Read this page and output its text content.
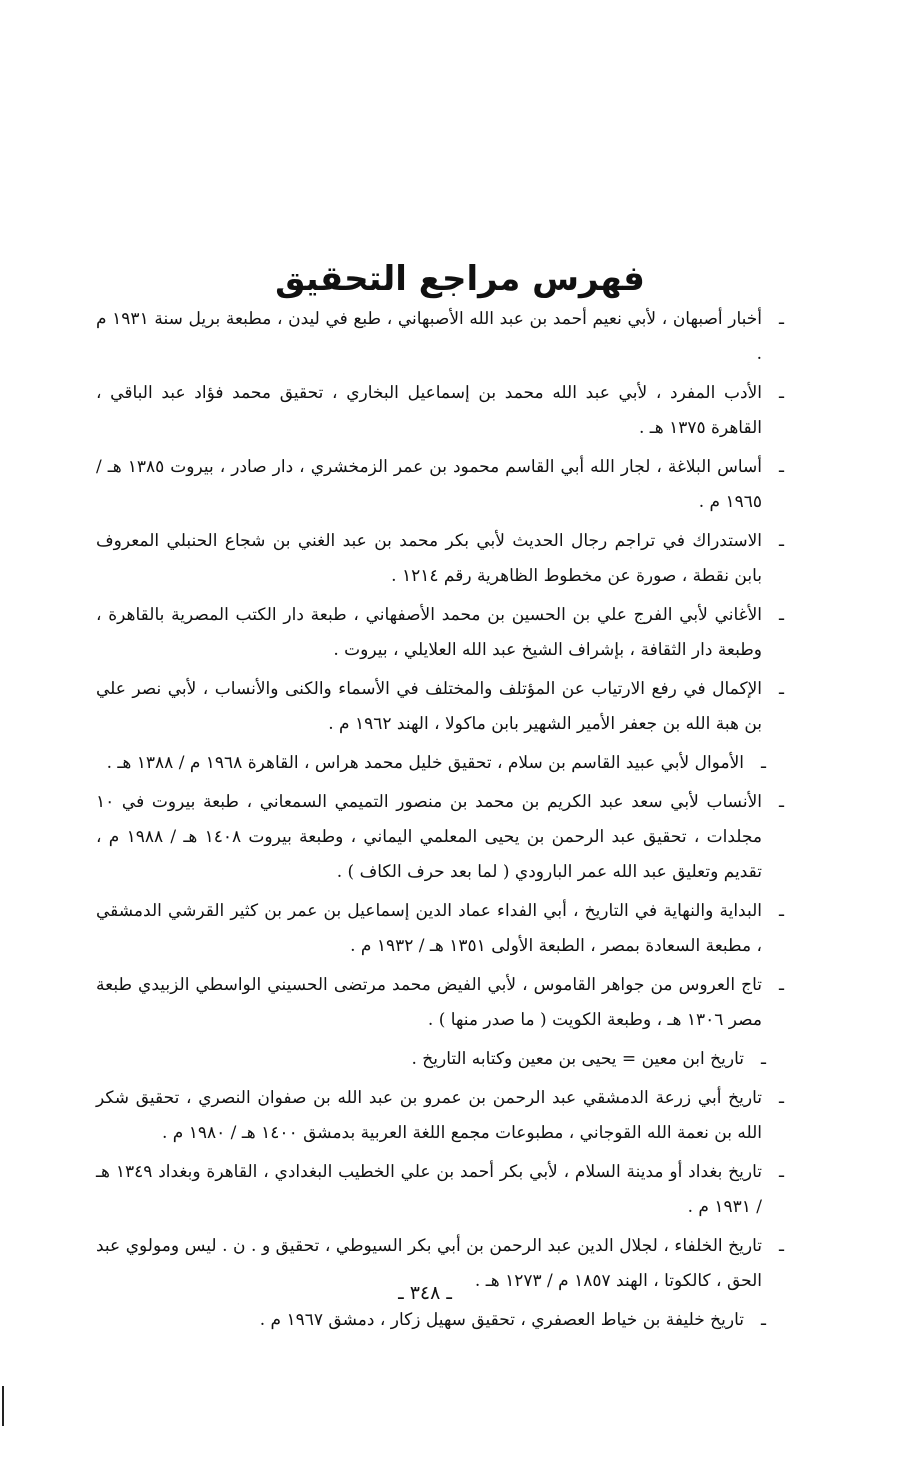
فهرس مراجع التحقيق
ـ
أخبار أصبهان ، لأبي نعيم أحمد بن عبد الله الأصبهاني ، طبع في ليدن ، مطبعة بريل سنة ١٩٣١ م .
ـ
الأدب المفرد ، لأبي عبد الله محمد بن إسماعيل البخاري ، تحقيق محمد فؤاد عبد الباقي ، القاهرة ١٣٧٥ هـ .
ـ
أساس البلاغة ، لجار الله أبي القاسم محمود بن عمر الزمخشري ، دار صادر ، بيروت ١٣٨٥ هـ / ١٩٦٥ م .
ـ
الاستدراك في تراجم رجال الحديث لأبي بكر محمد بن عبد الغني بن شجاع الحنبلي المعروف بابن نقطة ، صورة عن مخطوط الظاهرية رقم ١٢١٤ .
ـ
الأغاني لأبي الفرج علي بن الحسين بن محمد الأصفهاني ، طبعة دار الكتب المصرية بالقاهرة ، وطبعة دار الثقافة ، بإشراف الشيخ عبد الله العلايلي ، بيروت .
ـ
الإكمال في رفع الارتياب عن المؤتلف والمختلف في الأسماء والكنى والأنساب ، لأبي نصر علي بن هبة الله بن جعفر الأمير الشهير بابن ماكولا ، الهند ١٩٦٢ م .
ـ
الأموال لأبي عبيد القاسم بن سلام ، تحقيق خليل محمد هراس ، القاهرة ١٩٦٨ م / ١٣٨٨ هـ .
ـ
الأنساب لأبي سعد عبد الكريم بن محمد بن منصور التميمي السمعاني ، طبعة بيروت في ١٠ مجلدات ، تحقيق عبد الرحمن بن يحيى المعلمي اليماني ، وطبعة بيروت ١٤٠٨ هـ / ١٩٨٨ م ، تقديم وتعليق عبد الله عمر البارودي ( لما بعد حرف الكاف ) .
ـ
البداية والنهاية في التاريخ ، أبي الفداء عماد الدين إسماعيل بن عمر بن كثير القرشي الدمشقي ، مطبعة السعادة بمصر ، الطبعة الأولى ١٣٥١ هـ / ١٩٣٢ م .
ـ
تاج العروس من جواهر القاموس ، لأبي الفيض محمد مرتضى الحسيني الواسطي الزبيدي طبعة مصر ١٣٠٦ هـ ، وطبعة الكويت ( ما صدر منها ) .
ـ
تاريخ ابن معين = يحيى بن معين وكتابه التاريخ .
ـ
تاريخ أبي زرعة الدمشقي عبد الرحمن بن عمرو بن عبد الله بن صفوان النصري ، تحقيق شكر الله بن نعمة الله القوجاني ، مطبوعات مجمع اللغة العربية بدمشق ١٤٠٠ هـ / ١٩٨٠ م .
ـ
تاريخ بغداد أو مدينة السلام ، لأبي بكر أحمد بن علي الخطيب البغدادي ، القاهرة وبغداد ١٣٤٩ هـ / ١٩٣١ م .
ـ
تاريخ الخلفاء ، لجلال الدين عبد الرحمن بن أبي بكر السيوطي ، تحقيق و . ن . ليس ومولوي عبد الحق ، كالكوتا ، الهند ١٨٥٧ م / ١٢٧٣ هـ .
ـ
تاريخ خليفة بن خياط العصفري ، تحقيق سهيل زكار ، دمشق ١٩٦٧ م .
ـ ٣٤٨ ـ
